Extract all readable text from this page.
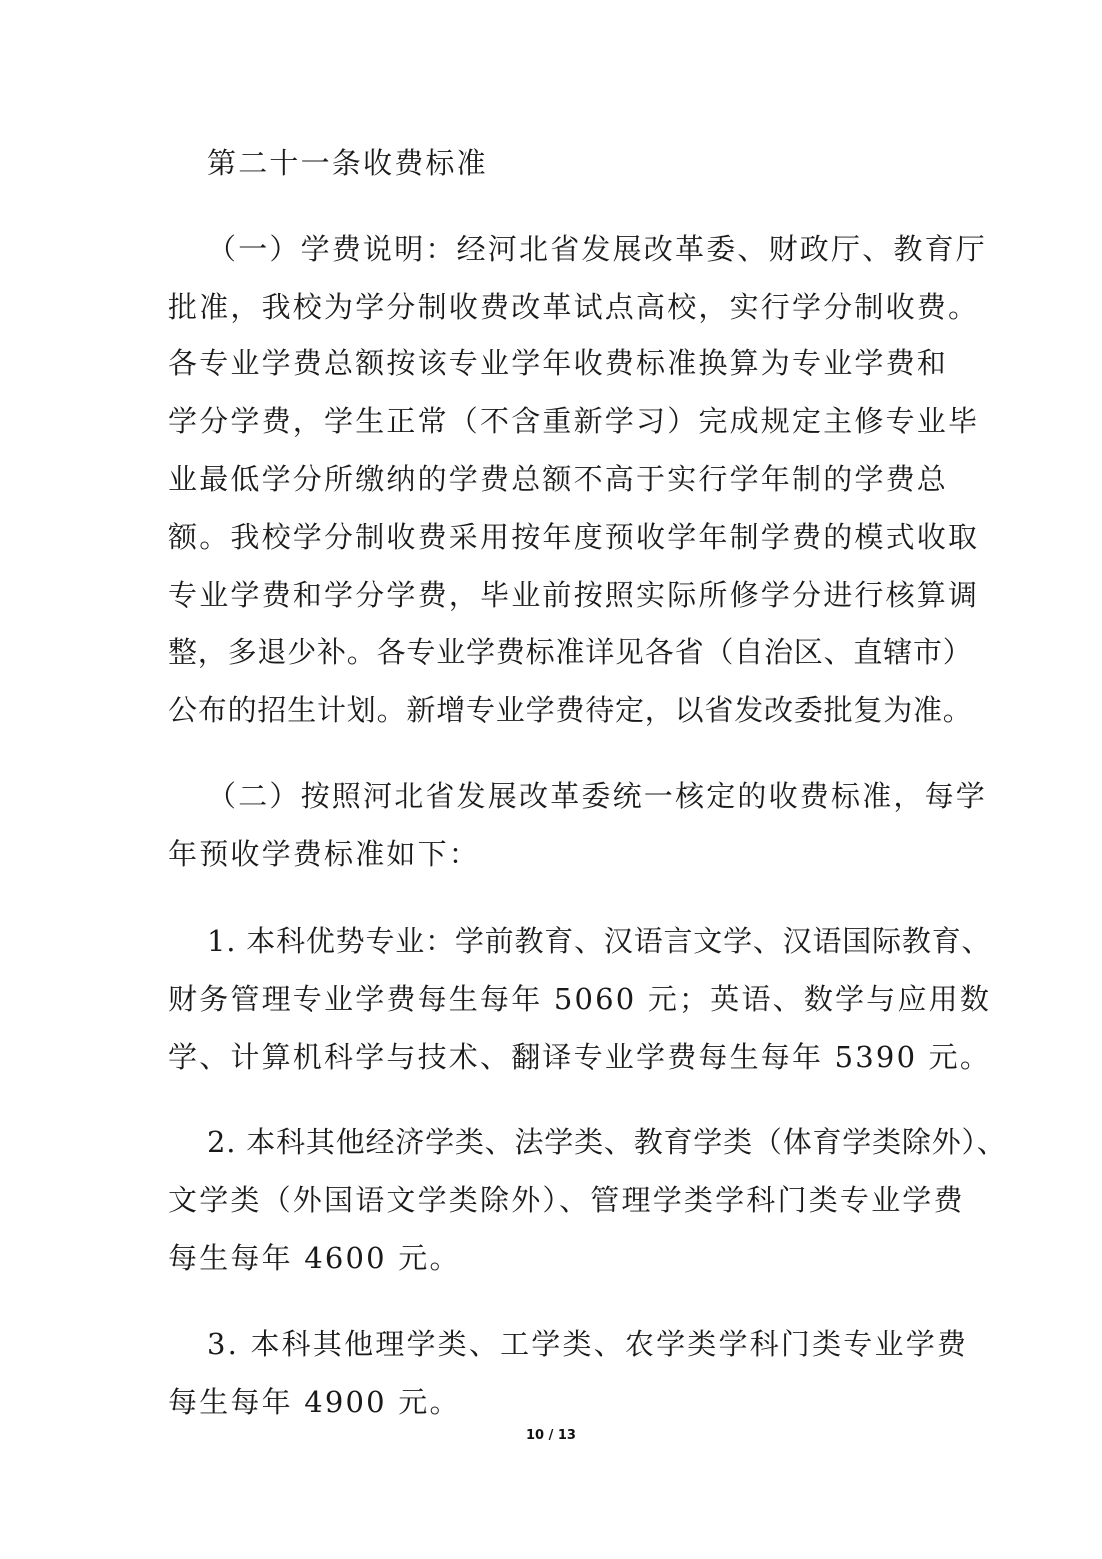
第二十一条收费标准
（一）学费说明：经河北省发展改革委、财政厅、教育厅
批准，我校为学分制收费改革试点高校，实行学分制收费。
各专业学费总额按该专业学年收费标准换算为专业学费和
学分学费，学生正常（不含重新学习）完成规定主修专业毕
业最低学分所缴纳的学费总额不高于实行学年制的学费总
额。我校学分制收费采用按年度预收学年制学费的模式收取
专业学费和学分学费，毕业前按照实际所修学分进行核算调
整，多退少补。各专业学费标准详见各省（自治区、直辖市）
公布的招生计划。新增专业学费待定，以省发改委批复为准。
（二）按照河北省发展改革委统一核定的收费标准，每学
年预收学费标准如下：
1. 本科优势专业：学前教育、汉语言文学、汉语国际教育、
财务管理专业学费每生每年 5060 元；英语、数学与应用数
学、计算机科学与技术、翻译专业学费每生每年 5390 元。
2. 本科其他经济学类、法学类、教育学类（体育学类除外）、
文学类（外国语文学类除外）、管理学类学科门类专业学费
每生每年 4600 元。
3. 本科其他理学类、工学类、农学类学科门类专业学费
每生每年 4900 元。
10 / 13
